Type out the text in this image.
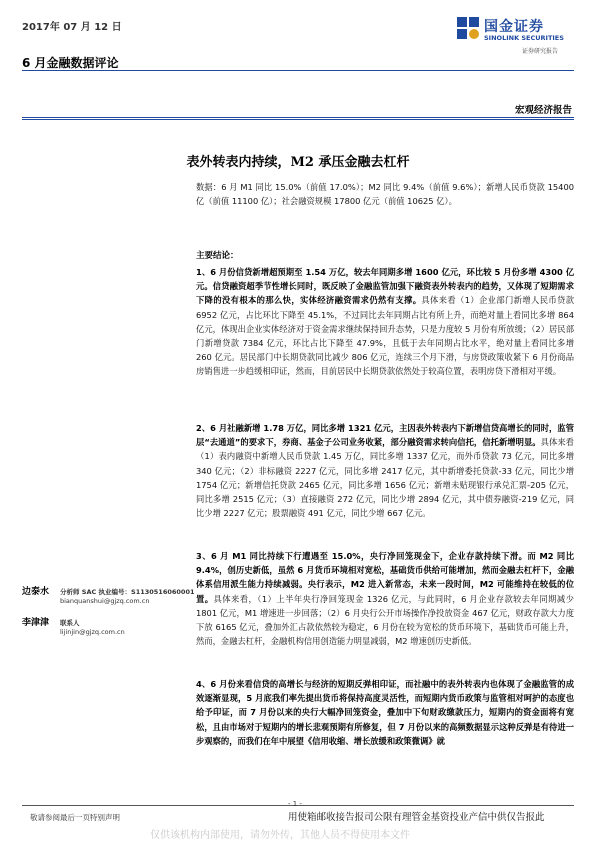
2017年 07 月 12 日
6 月金融数据评论
国金证券
SINOLINK SECURITIES
证券研究报告
宏观经济报告
表外转表内持续，M2 承压金融去杠杆
数据：6 月 M1 同比 15.0%（前值 17.0%）；M2 同比 9.4%（前值 9.6%）；新增人民币贷款 15400 亿（前值 11100 亿）；社会融资规模 17800 亿元（前值 10625 亿）。
主要结论：
1、6 月份信贷新增超预期至 1.54 万亿，较去年同期多增 1600 亿元，环比较 5 月份多增 4300 亿元。信贷融资超季节性增长同时，既反映了金融监管加强下融资表外转表内的趋势，又体现了短期需求下降的没有根本的那么快，实体经济融资需求仍然有支撑。具体来看（1）企业部门新增人民币贷款 6952 亿元，占比环比下降至 45.1%，不过同比去年同期占比有所上升，而绝对量上看同比多增 864 亿元，体现出企业实体经济对于资金需求继续保持回升态势，只是力度较 5 月份有所放缓；（2）居民部门新增贷款 7384 亿元，环比占比下降至 47.9%，且低于去年同期占比水平，绝对量上看同比多增 260 亿元。居民部门中长期贷款同比减少 806 亿元，连续三个月下滑，与房贷政策收紧下 6 月份商品房销售进一步趋缓相印证，然而，目前居民中长期贷款依然处于较高位置，表明房贷下滑相对平缓。
2、6 月社融新增 1.78 万亿，同比多增 1321 亿元，主因表外转表内下新增信贷高增长的同时，监管层“去通道”的要求下，券商、基金子公司业务收紧，部分融资需求转向信托，信托新增明显。具体来看（1）表内融资中新增人民币贷款 1.45 万亿，同比多增 1337 亿元，而外币贷款 73 亿元，同比多增 340 亿元；（2）非标融资 2227 亿元，同比多增 2417 亿元，其中新增委托贷款-33 亿元，同比少增 1754 亿元；新增信托贷款 2465 亿元，同比多增 1656 亿元；新增未贴现银行承兑汇票-205 亿元，同比多增 2515 亿元；（3）直接融资 272 亿元，同比少增 2894 亿元，其中债券融资-219 亿元，同比少增 2227 亿元；股票融资 491 亿元，同比少增 667 亿元。
3、6 月 M1 同比持续下行遭遇至 15.0%，央行净回笼现金下，企业存款持续下滑。而 M2 同比 9.4%，创历史新低，虽然 6 月货币环境相对宽松，基础货币供给可能增加，然而金融去杠杆下，金融体系信用派生能力持续减弱。央行表示，M2 进入新常态，未来一段时间，M2 可能维持在较低的位置。具体来看，（1）上半年央行净回笼现金 1326 亿元，与此同时，6 月企业存款较去年同期减少 1801 亿元，M1 增速进一步回落；（2）6 月央行公开市场操作净投放资金 467 亿元，财政存款大力度下放 6165 亿元，叠加外汇占款依然较为稳定，6 月份在较为宽松的货币环境下，基础货币可能上升，然而，金融去杠杆，金融机构信用创造能力明显减弱，M2 增速创历史新低。
4、6 月份来看信贷的高增长与经济的短期反弹相印证，而社融中的表外转表内也体现了金融监管的成效逐渐显现，5 月底我们率先提出货币将保持高度灵活性，而短期内货币政策与监管相对呵护的态度也给予印证，而 7 月份以来的央行大幅净回笼资金，叠加中下旬财政缴款压力，短期内的资金面将有宽松，且由市场对于短期内的增长悲观预期有所修复，但 7 月份以来的高频数据显示这种反弹是有待进一步观察的，而我们在年中展望《信用收缩、增长放缓和政策微调》就
边泰水 分析师 SAC 执业编号：S1130516060001
bianquanshui@gjzq.com.cn
李津津 联系人
lijinjin@gjzq.com.cn
- 1 -
敬请参阅最后一页特别声明	用使箱邮收接告报司公限有理管金基资投业产信中供仅告报此
仅供该机构内部使用，请勿外传，其他人员不得使用本文件
